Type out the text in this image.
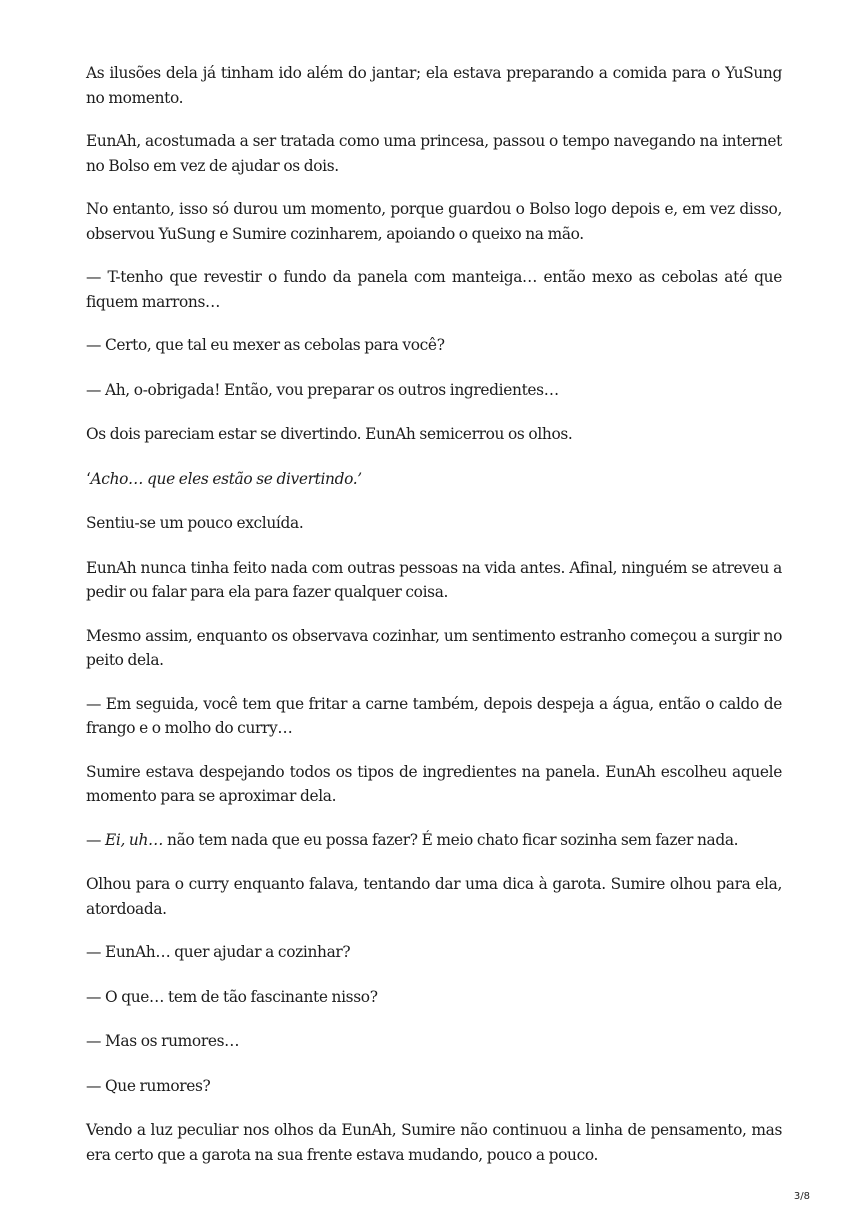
As ilusões dela já tinham ido além do jantar; ela estava preparando a comida para o YuSung no momento.

EunAh, acostumada a ser tratada como uma princesa, passou o tempo navegando na internet no Bolso em vez de ajudar os dois.

No entanto, isso só durou um momento, porque guardou o Bolso logo depois e, em vez disso, observou YuSung e Sumire cozinharem, apoiando o queixo na mão.

— T-tenho que revestir o fundo da panela com manteiga… então mexo as cebolas até que fiquem marrons…

— Certo, que tal eu mexer as cebolas para você?

— Ah, o-obrigada! Então, vou preparar os outros ingredientes…

Os dois pareciam estar se divertindo. EunAh semicerrou os olhos.

‘Acho… que eles estão se divertindo.’

Sentiu-se um pouco excluída.

EunAh nunca tinha feito nada com outras pessoas na vida antes. Afinal, ninguém se atreveu a pedir ou falar para ela para fazer qualquer coisa.

Mesmo assim, enquanto os observava cozinhar, um sentimento estranho começou a surgir no peito dela.

— Em seguida, você tem que fritar a carne também, depois despeja a água, então o caldo de frango e o molho do curry…

Sumire estava despejando todos os tipos de ingredientes na panela. EunAh escolheu aquele momento para se aproximar dela.

— Ei, uh… não tem nada que eu possa fazer? É meio chato ficar sozinha sem fazer nada.

Olhou para o curry enquanto falava, tentando dar uma dica à garota. Sumire olhou para ela, atordoada.

— EunAh… quer ajudar a cozinhar?

— O que… tem de tão fascinante nisso?

— Mas os rumores…

— Que rumores?

Vendo a luz peculiar nos olhos da EunAh, Sumire não continuou a linha de pensamento, mas era certo que a garota na sua frente estava mudando, pouco a pouco.

3/8
